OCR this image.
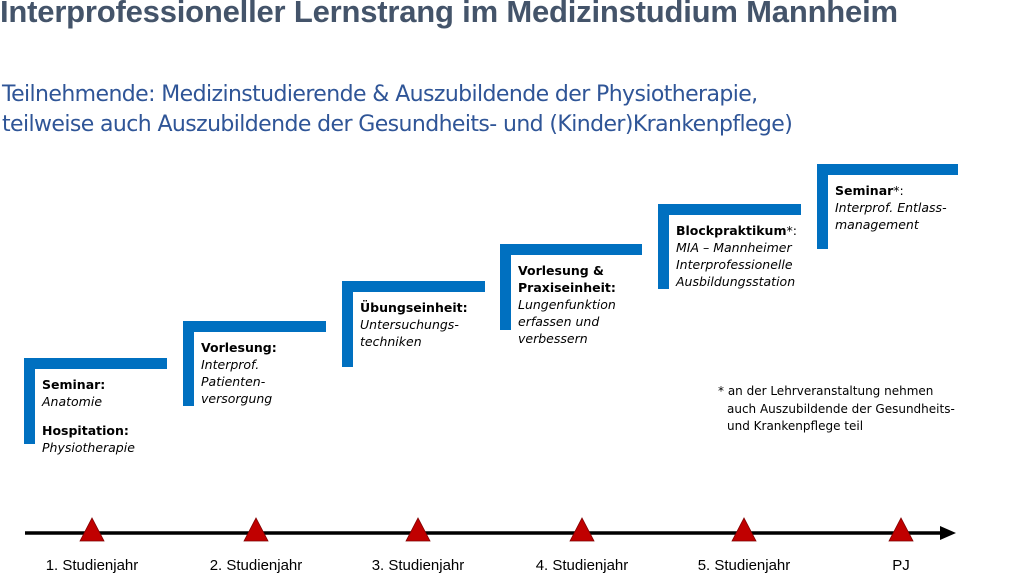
Interprofessioneller Lernstrang im Medizinstudium Mannheim
Teilnehmende: Medizinstudierende & Auszubildende der Physiotherapie,
teilweise auch Auszubildende der Gesundheits- und (Kinder)Krankenpflege)
Seminar:
Anatomie
Hospitation:
Physiotherapie
Vorlesung:
Interprof. Patienten-
versorgung
Übungseinheit:
Untersuchungs-
techniken
Vorlesung &
Praxiseinheit:
Lungenfunktion
erfassen und
verbessern
Blockpraktikum*:
MIA – Mannheimer
Interprofessionelle
Ausbildungsstation
Seminar*:
Interprof. Entlass-
management
* an der Lehrveranstaltung nehmen
auch Auszubildende der Gesundheits-
und Krankenpflege teil
1. Studienjahr	2. Studienjahr	3. Studienjahr	4. Studienjahr	5. Studienjahr	PJ
